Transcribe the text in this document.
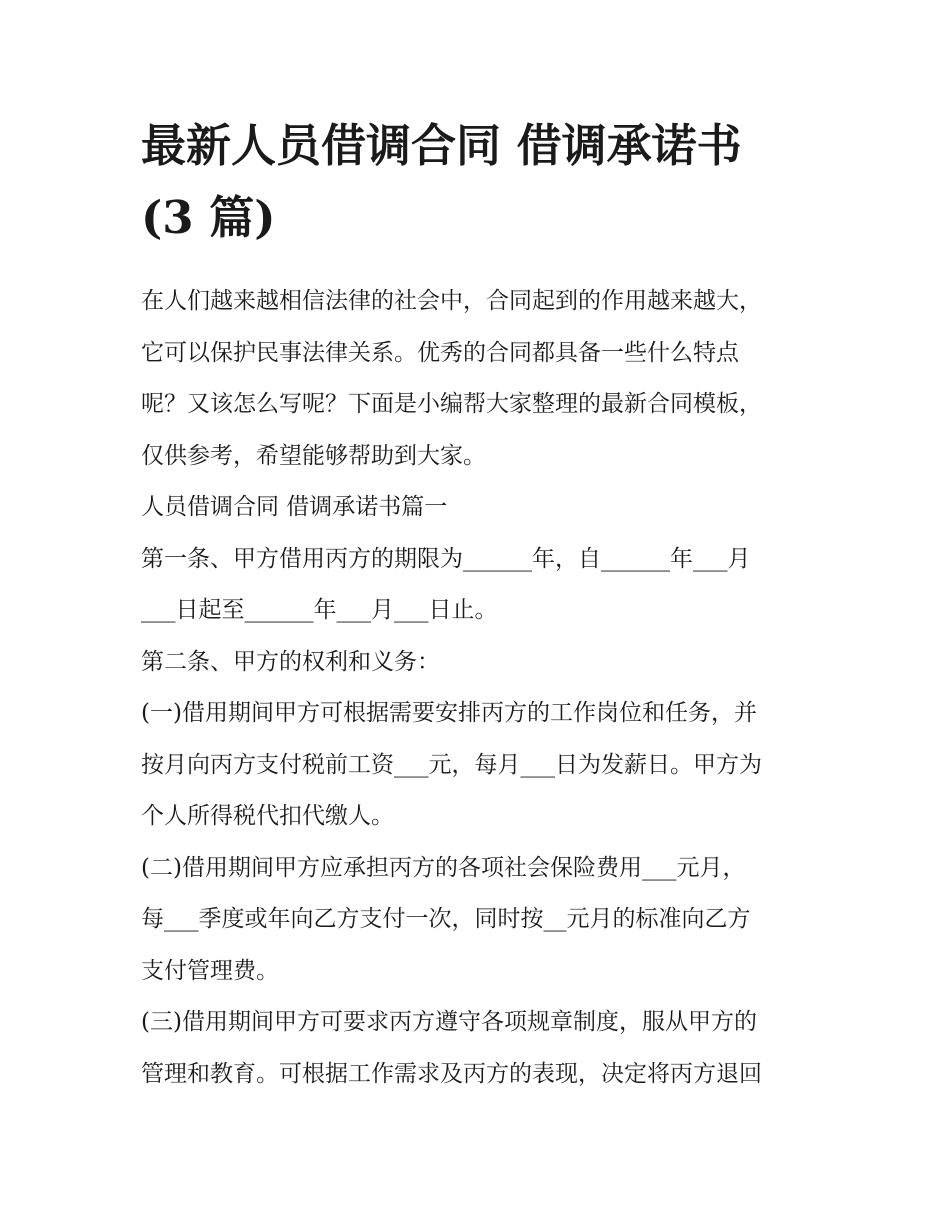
最新人员借调合同 借调承诺书
(3 篇)

在人们越来越相信法律的社会中，合同起到的作用越来越大，
它可以保护民事法律关系。优秀的合同都具备一些什么特点
呢？又该怎么写呢？下面是小编帮大家整理的最新合同模板，
仅供参考，希望能够帮助到大家。

人员借调合同 借调承诺书篇一

第一条、甲方借用丙方的期限为______年，自______年___月
___日起至______年___月___日止。

第二条、甲方的权利和义务：

(一)借用期间甲方可根据需要安排丙方的工作岗位和任务，并
按月向丙方支付税前工资___元，每月___日为发薪日。甲方为
个人所得税代扣代缴人。

(二)借用期间甲方应承担丙方的各项社会保险费用___元月，
每___季度或年向乙方支付一次，同时按__元月的标准向乙方
支付管理费。

(三)借用期间甲方可要求丙方遵守各项规章制度，服从甲方的
管理和教育。可根据工作需求及丙方的表现，决定将丙方退回
